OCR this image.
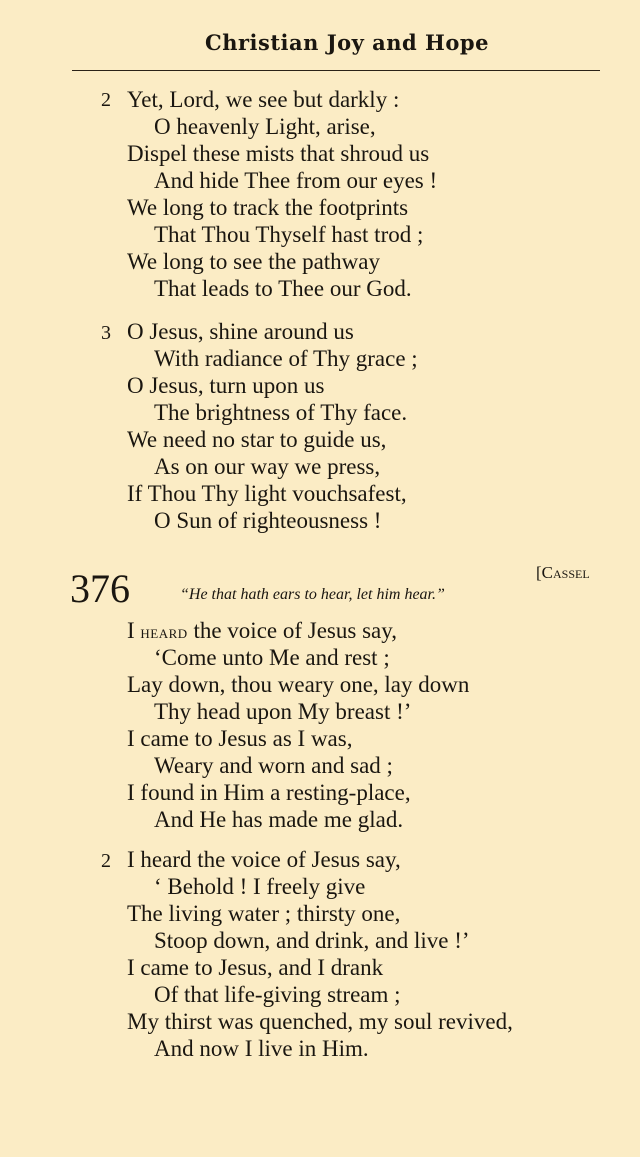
Christian Joy and Hope
2 Yet, Lord, we see but darkly :
O heavenly Light, arise,
Dispel these mists that shroud us
And hide Thee from our eyes !
We long to track the footprints
That Thou Thyself hast trod ;
We long to see the pathway
That leads to Thee our God.
3 O Jesus, shine around us
With radiance of Thy grace ;
O Jesus, turn upon us
The brightness of Thy face.
We need no star to guide us,
As on our way we press,
If Thou Thy light vouchsafest,
O Sun of righteousness !
376	[Cassel
“He that hath ears to hear, let him hear.”
I heard the voice of Jesus say,
‘Come unto Me and rest ;
Lay down, thou weary one, lay down
Thy head upon My breast !’
I came to Jesus as I was,
Weary and worn and sad ;
I found in Him a resting-place,
And He has made me glad.
2 I heard the voice of Jesus say,
‘ Behold ! I freely give
The living water ; thirsty one,
Stoop down, and drink, and live !’
I came to Jesus, and I drank
Of that life-giving stream ;
My thirst was quenched, my soul revived,
And now I live in Him.
